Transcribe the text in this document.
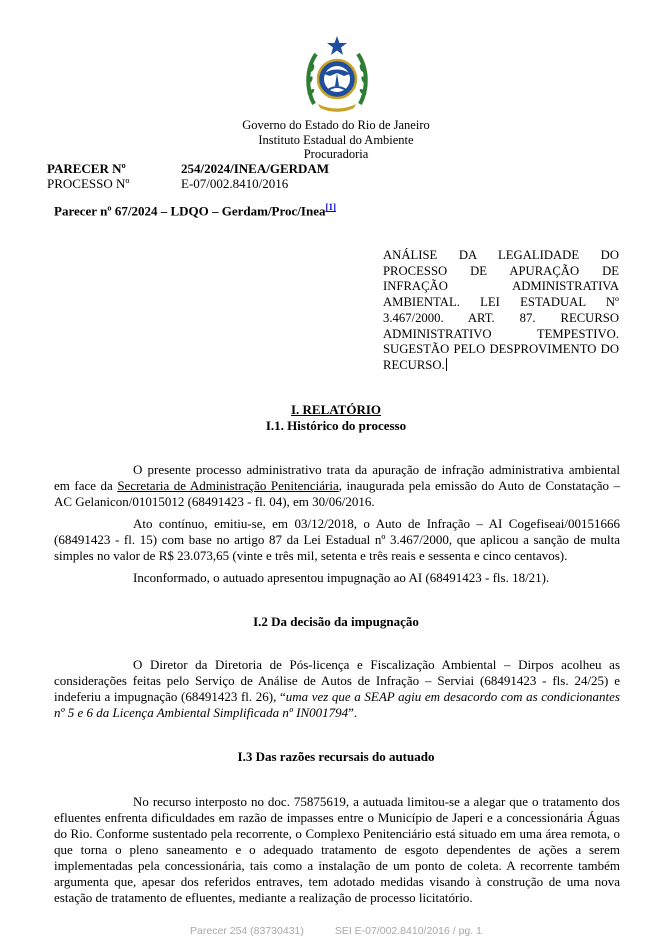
Governo do Estado do Rio de Janeiro
Instituto Estadual do Ambiente
Procuradoria
PARECER Nº	254/2024/INEA/GERDAM
PROCESSO Nº	E-07/002.8410/2016
Parecer nº 67/2024 – LDQO – Gerdam/Proc/Inea[1]
ANÁLISE DA LEGALIDADE DO PROCESSO DE APURAÇÃO DE INFRAÇÃO ADMINISTRATIVA AMBIENTAL. LEI ESTADUAL Nº 3.467/2000. ART. 87. RECURSO ADMINISTRATIVO TEMPESTIVO. SUGESTÃO PELO DESPROVIMENTO DO RECURSO.
I. RELATÓRIO
I.1. Histórico do processo
O presente processo administrativo trata da apuração de infração administrativa ambiental em face da Secretaria de Administração Penitenciária, inaugurada pela emissão do Auto de Constatação – AC Gelanicon/01015012 (68491423 - fl. 04), em 30/06/2016.
Ato contínuo, emitiu-se, em 03/12/2018, o Auto de Infração – AI Cogefiseai/00151666 (68491423 - fl. 15) com base no artigo 87 da Lei Estadual nº 3.467/2000, que aplicou a sanção de multa simples no valor de R$ 23.073,65 (vinte e três mil, setenta e três reais e sessenta e cinco centavos).
Inconformado, o autuado apresentou impugnação ao AI (68491423 - fls. 18/21).
I.2 Da decisão da impugnação
O Diretor da Diretoria de Pós-licença e Fiscalização Ambiental – Dirpos acolheu as considerações feitas pelo Serviço de Análise de Autos de Infração – Serviai (68491423 - fls. 24/25) e indeferiu a impugnação (68491423 fl. 26), “uma vez que a SEAP agiu em desacordo com as condicionantes nº 5 e 6 da Licença Ambiental Simplificada nº IN001794”.
I.3 Das razões recursais do autuado
No recurso interposto no doc. 75875619, a autuada limitou-se a alegar que o tratamento dos efluentes enfrenta dificuldades em razão de impasses entre o Município de Japeri e a concessionária Águas do Rio. Conforme sustentado pela recorrente, o Complexo Penitenciário está situado em uma área remota, o que torna o pleno saneamento e o adequado tratamento de esgoto dependentes de ações a serem implementadas pela concessionária, tais como a instalação de um ponto de coleta. A recorrente também argumenta que, apesar dos referidos entraves, tem adotado medidas visando à construção de uma nova estação de tratamento de efluentes, mediante a realização de processo licitatório.
Parecer 254 (83730431)	SEI E-07/002.8410/2016 / pg. 1
